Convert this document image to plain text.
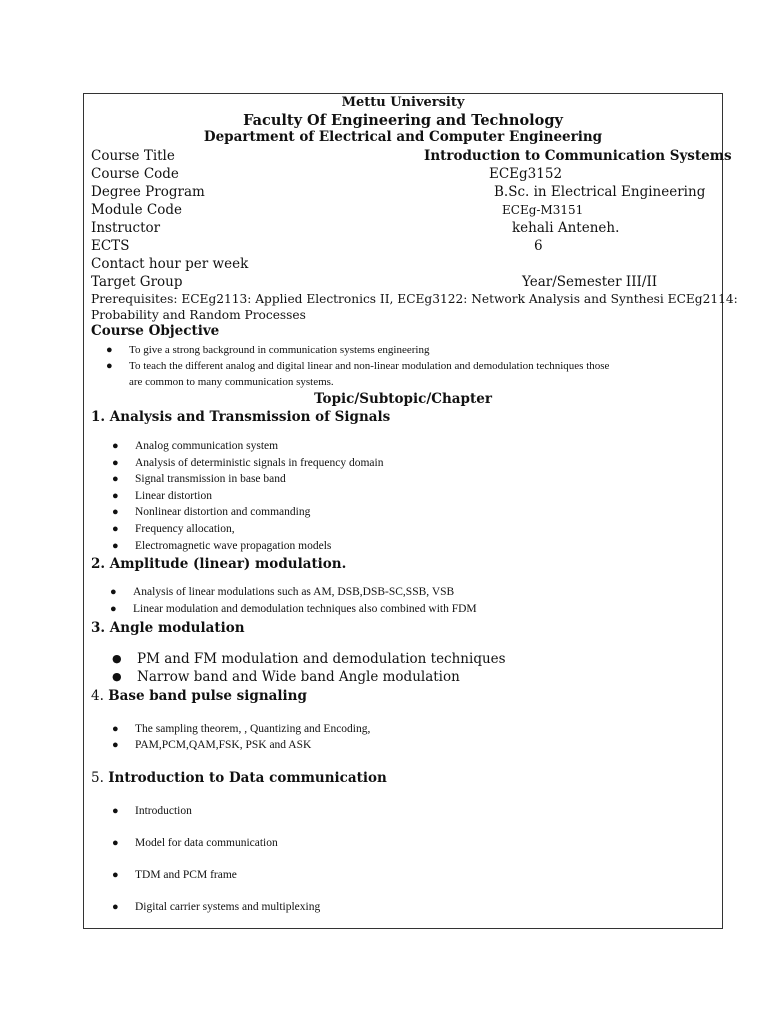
Mettu University
Faculty Of Engineering and Technology
Department of Electrical and Computer Engineering
Course Title	Introduction to Communication Systems
Course Code	ECEg3152
Degree Program	B.Sc. in Electrical Engineering
Module Code	ECEg-M3151
Instructor	kehali Anteneh.
ECTS	6
Contact hour per week
Target Group	Year/Semester III/II
Prerequisites: ECEg2113: Applied Electronics II, ECEg3122: Network Analysis and Synthesi ECEg2114:
Probability and Random Processes
Course Objective
● To give a strong background in communication systems engineering
● To teach the different analog and digital linear and non-linear modulation and demodulation techniques those
are common to many communication systems.
Topic/Subtopic/Chapter
1. Analysis and Transmission of Signals
● Analog communication system
● Analysis of deterministic signals in frequency domain
● Signal transmission in base band
● Linear distortion
● Nonlinear distortion and commanding
● Frequency allocation,
● Electromagnetic wave propagation models
2. Amplitude (linear) modulation.
● Analysis of linear modulations such as AM, DSB,DSB-SC,SSB, VSB
● Linear modulation and demodulation techniques also combined with FDM
3. Angle modulation
● PM and FM modulation and demodulation techniques
● Narrow band and Wide band Angle modulation
4. Base band pulse signaling
● The sampling theorem, , Quantizing and Encoding,
● PAM,PCM,QAM,FSK, PSK and ASK
5. Introduction to Data communication
● Introduction
● Model for data communication
● TDM and PCM frame
● Digital carrier systems and multiplexing
